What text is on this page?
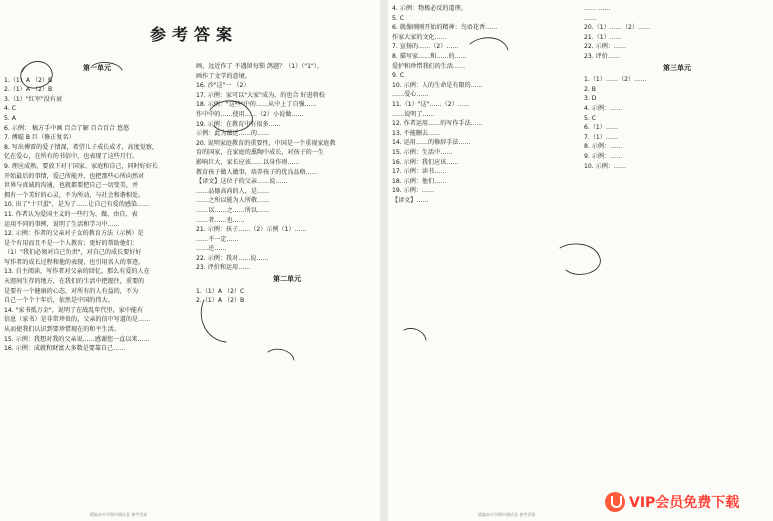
参考答案

第一单元

1.（1）A （2）B

2.（1）A （2）B

3.（1）"红军"没有衰

4. C

5. A

6. 示例： 稿方手中画 百合了解 百合百合 悠悠

7. 傅聪 B 巨（修正复名）

8. 写出傅雷的爱子情深，希望儿子成长成才，高度觉察，

忆在爱心，在所有的书信中，也表现了这些月行。

9. 理应成熟，要放下对于国家、家庭和自己，同时好好长

开始最后的事情，爱己所能并，也把那些心所向然对

世界与真诚的沟通，也就都要把自己一切变美，并

拥有一个美好的心灵，不为所动，与社会和谐相处。

10. 出了"十只蛋"，是为了……让自己有爱的感染……

11. 作者认为爱国主义的一些行为、做、由自，表

运用不同的事例，说明了生活和学习中……

12. 示例：作者的父亲对子女的教育方法（示例）是

是个有用而且不是一个人教育；更好的帮助他们：

（1）"我们必须对自己负责"，对自己的成长要好好

写作者的成长过程和他的表现，也引用名人的事迹。

13. 自主阅读，写作者对父亲的回忆，那么有爱的人在

天涯间生存的地方，在我们的生活中把握住，重要的

是要有一个健康的心态，对所有的人有益的，不为

自己一个个十年后，依然是中国的伟大。

14. "家书抵万金"，说明了在战乱年代里，家中能有

信息（家书）是非常珍贵的，父亲的信中写道的是……

从而使我们认识到要珍惜现在的和平生活。

15. 示例：我想对我的父亲说……感谢您一直以来……

16. 示例：成就和财富大多数是要靠自己……

画，远近作了 不遇留每锁 鸽题？（1）（"1"），

画作了文学的意境。

16. 沙"这"一 （2）

17. 示例：家可以"大家"成为，的也合 好进将校

18. 示例："这些"中的……从中上了自强……

作中中的……使用……（2）小说做……

19. 示例：在教育中有很多……

示例：此为最近……的……

20. 说明家庭教育的重要性，中国是一个重视家庭教

育的国家，在家庭的熏陶中成长，对孩子的一生

影响巨大，家长应该……以身作则……

教育孩子做人做事，培养孩子的优良品格……

【译文】这位子的父亲……说……

……品德高尚的人，是……

……之所以能为人所敬……

……以……之……所以……

……者……也……

21. 示例：孩子……（2）示例（1）……

……不一定……

……还……

22. 示例：我对……说……

23. 评价和运用……

第二单元

1.（1）A （2）C

2.（1）A （2）B

精编本中学期中测试卷 参考答案

4. 示例：物极必反的道理。

5. C

6. 就像刚刚开始的精神：鸟语花香……

作家大家的文化……

7. 宣扬的……（2）……

8. 描写家……和……的……

爱护和珍惜我们的生活……

9. C

10. 示例：人的生命是有限的……

……爱心……

11.（1）"这"……（2）……

……说明了……

12. 作者运用……的写作手法……

13. 不能删去……

14. 运用……的修辞手法……

15. 示例：生活中……

16. 示例：我们应该……

17. 示例：读书……

18. 示例：他们……

19. 示例：……

【译文】……

…… ……

……

20.（1）……（2）……

21.（1）……

22. 示例：……

23. 评价……

第三单元

1.（1）……（2）……

2. B

3. D

4. 示例：……

5. C

6.（1）……

7.（1）……

8. 示例：……

9. 示例：……

10. 示例：……

精编本中学期中测试卷 参考答案
VIP会员免费下载
